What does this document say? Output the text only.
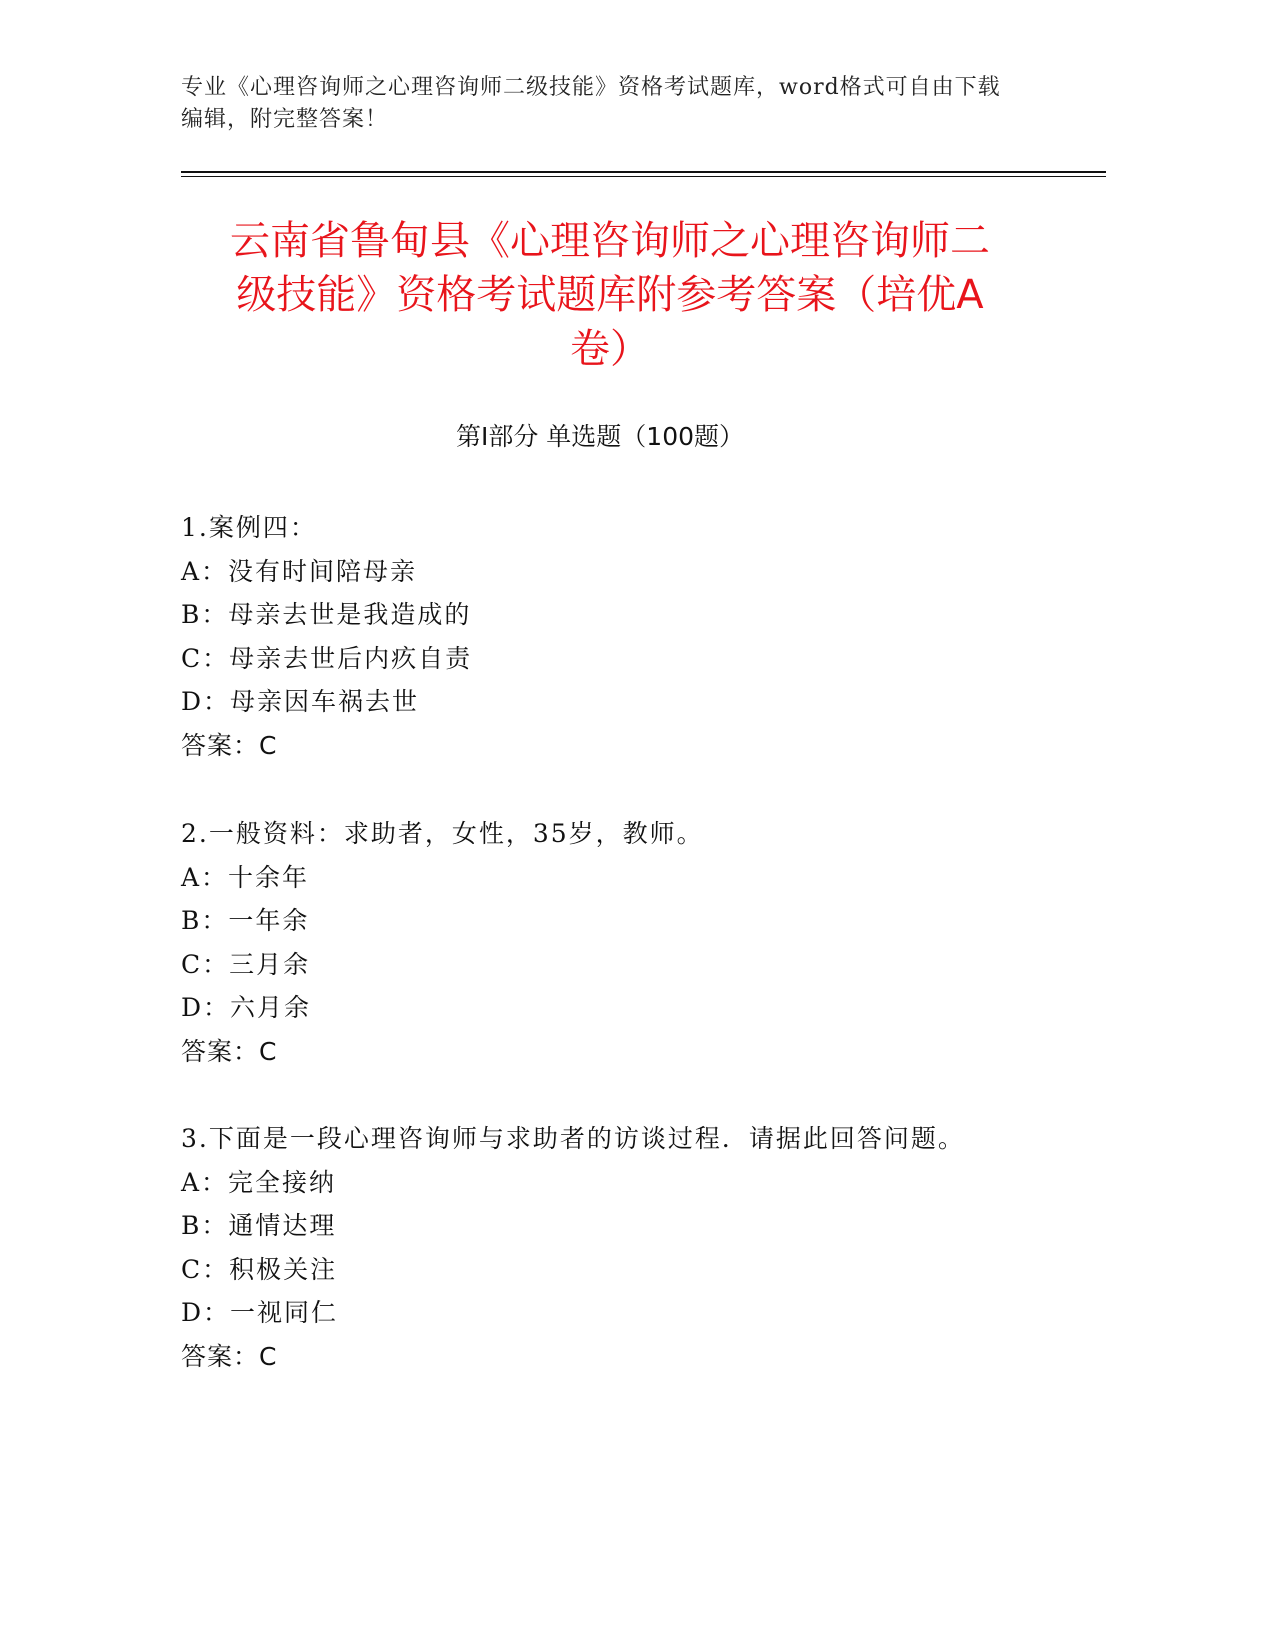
专业《心理咨询师之心理咨询师二级技能》资格考试题库，word格式可自由下载
编辑，附完整答案！
云南省鲁甸县《心理咨询师之心理咨询师二
级技能》资格考试题库附参考答案（培优A
卷）
第Ⅰ部分 单选题（100题）
1.案例四：
A：没有时间陪母亲
B：母亲去世是我造成的
C：母亲去世后内疚自责
D：母亲因车祸去世
答案：C
2.一般资料：求助者，女性，35岁，教师。
A：十余年
B：一年余
C：三月余
D：六月余
答案：C
3.下面是一段心理咨询师与求助者的访谈过程．请据此回答问题。
A：完全接纳
B：通情达理
C：积极关注
D：一视同仁
答案：C
